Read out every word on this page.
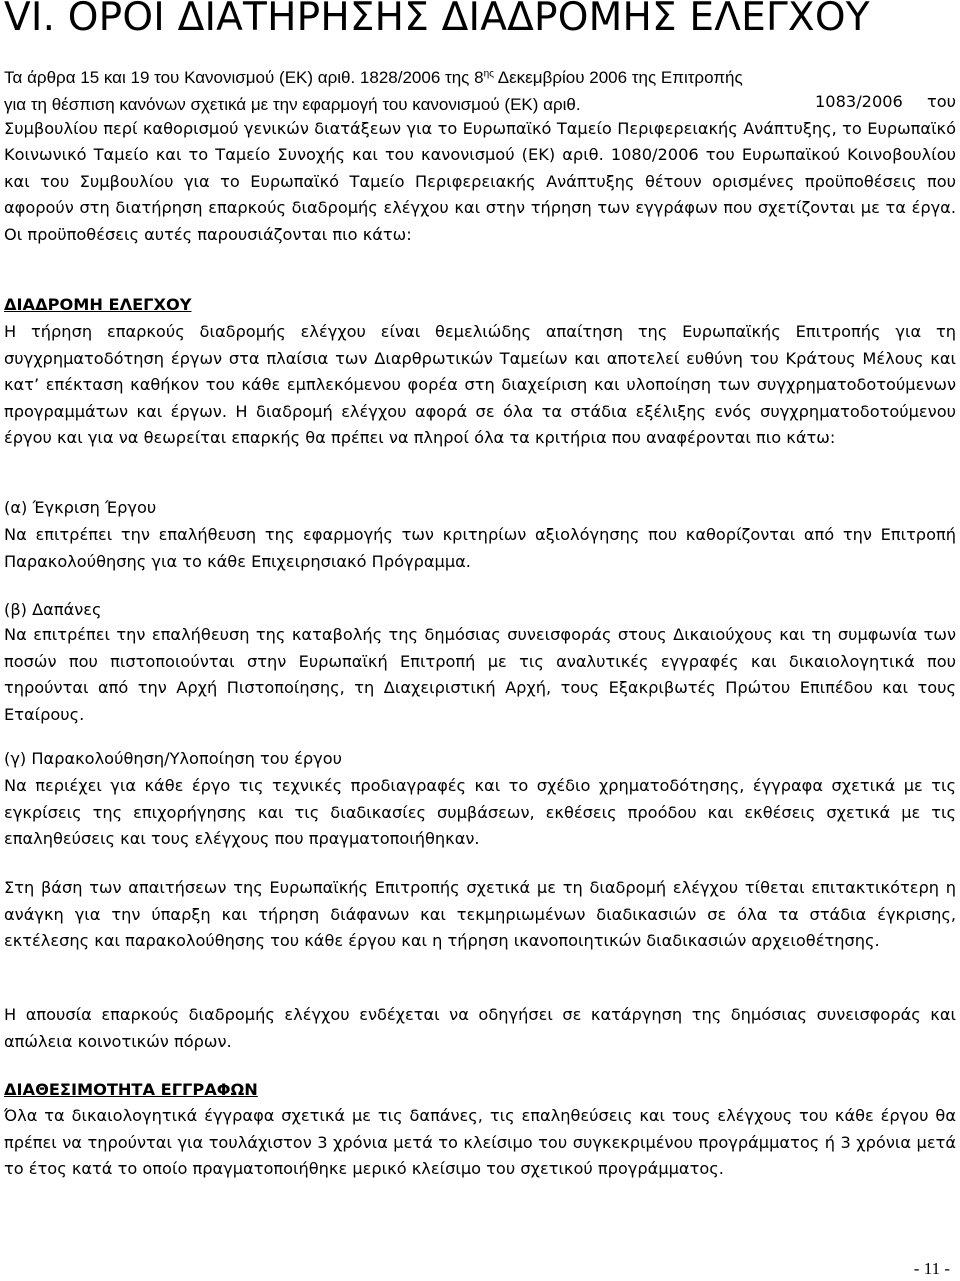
VI. ΟΡΟΙ ΔΙΑΤΗΡΗΣΗΣ ΔΙΑΔΡΟΜΗΣ ΕΛΕΓΧΟΥ

Τα άρθρα 15 και 19 του Κανονισμού (ΕΚ) αριθ. 1828/2006 της $8^{\eta\varsigma}$ Δεκεμβρίου 2006 της Επιτροπής

για τη θέσπιση κανόνων σχετικά με την εφαρμογή του κανονισμού (ΕΚ) αριθ.	1083/2006 του Συμβουλίου περί καθορισμού γενικών διατάξεων για το Ευρωπαϊκό Ταμείο Περιφερειακής Ανάπτυξης, το Ευρωπαϊκό Κοινωνικό Ταμείο και το Ταμείο Συνοχής και του κανονισμού (ΕΚ) αριθ. 1080/2006 του Ευρωπαϊκού Κοινοβουλίου και του Συμβουλίου για το Ευρωπαϊκό Ταμείο Περιφερειακής Ανάπτυξης θέτουν ορισμένες προϋποθέσεις που αφορούν στη διατήρηση επαρκούς διαδρομής ελέγχου και στην τήρηση των εγγράφων που σχετίζονται με τα έργα. Οι προϋποθέσεις αυτές παρουσιάζονται πιο κάτω:

ΔΙΑΔΡΟΜΗ ΕΛΕΓΧΟΥ

Η τήρηση επαρκούς διαδρομής ελέγχου είναι θεμελιώδης απαίτηση της Ευρωπαϊκής Επιτροπής για τη συγχρηματοδότηση έργων στα πλαίσια των Διαρθρωτικών Ταμείων και αποτελεί ευθύνη του Κράτους Μέλους και κατ’ επέκταση καθήκον του κάθε εμπλεκόμενου φορέα στη διαχείριση και υλοποίηση των συγχρηματοδοτούμενων προγραμμάτων και έργων. Η διαδρομή ελέγχου αφορά σε όλα τα στάδια εξέλιξης ενός συγχρηματοδοτούμενου έργου και για να θεωρείται επαρκής θα πρέπει να πληροί όλα τα κριτήρια που αναφέρονται πιο κάτω:

(α) Έγκριση Έργου

Να επιτρέπει την επαλήθευση της εφαρμογής των κριτηρίων αξιολόγησης που καθορίζονται από την Επιτροπή Παρακολούθησης για το κάθε Επιχειρησιακό Πρόγραμμα.

(β) Δαπάνες

Να επιτρέπει την επαλήθευση της καταβολής της δημόσιας συνεισφοράς στους Δικαιούχους και τη συμφωνία των ποσών που πιστοποιούνται στην Ευρωπαϊκή Επιτροπή με τις αναλυτικές εγγραφές και δικαιολογητικά που τηρούνται από την Αρχή Πιστοποίησης, τη Διαχειριστική Αρχή, τους Εξακριβωτές Πρώτου Επιπέδου και τους Εταίρους.

(γ) Παρακολούθηση/Υλοποίηση του έργου

Να περιέχει για κάθε έργο τις τεχνικές προδιαγραφές και το σχέδιο χρηματοδότησης, έγγραφα σχετικά με τις εγκρίσεις της επιχορήγησης και τις διαδικασίες συμβάσεων, εκθέσεις προόδου και εκθέσεις σχετικά με τις επαληθεύσεις και τους ελέγχους που πραγματοποιήθηκαν.

Στη βάση των απαιτήσεων της Ευρωπαϊκής Επιτροπής σχετικά με τη διαδρομή ελέγχου τίθεται επιτακτικότερη η ανάγκη για την ύπαρξη και τήρηση διάφανων και τεκμηριωμένων διαδικασιών σε όλα τα στάδια έγκρισης, εκτέλεσης και παρακολούθησης του κάθε έργου και η τήρηση ικανοποιητικών διαδικασιών αρχειοθέτησης.

Η απουσία επαρκούς διαδρομής ελέγχου ενδέχεται να οδηγήσει σε κατάργηση της δημόσιας συνεισφοράς και απώλεια κοινοτικών πόρων.

ΔΙΑΘΕΣΙΜΟΤΗΤΑ ΕΓΓΡΑΦΩΝ

Όλα τα δικαιολογητικά έγγραφα σχετικά με τις δαπάνες, τις επαληθεύσεις και τους ελέγχους του κάθε έργου θα πρέπει να τηρούνται για τουλάχιστον 3 χρόνια μετά το κλείσιμο του συγκεκριμένου προγράμματος ή 3 χρόνια μετά το έτος κατά το οποίο πραγματοποιήθηκε μερικό κλείσιμο του σχετικού προγράμματος.

- 11 -
